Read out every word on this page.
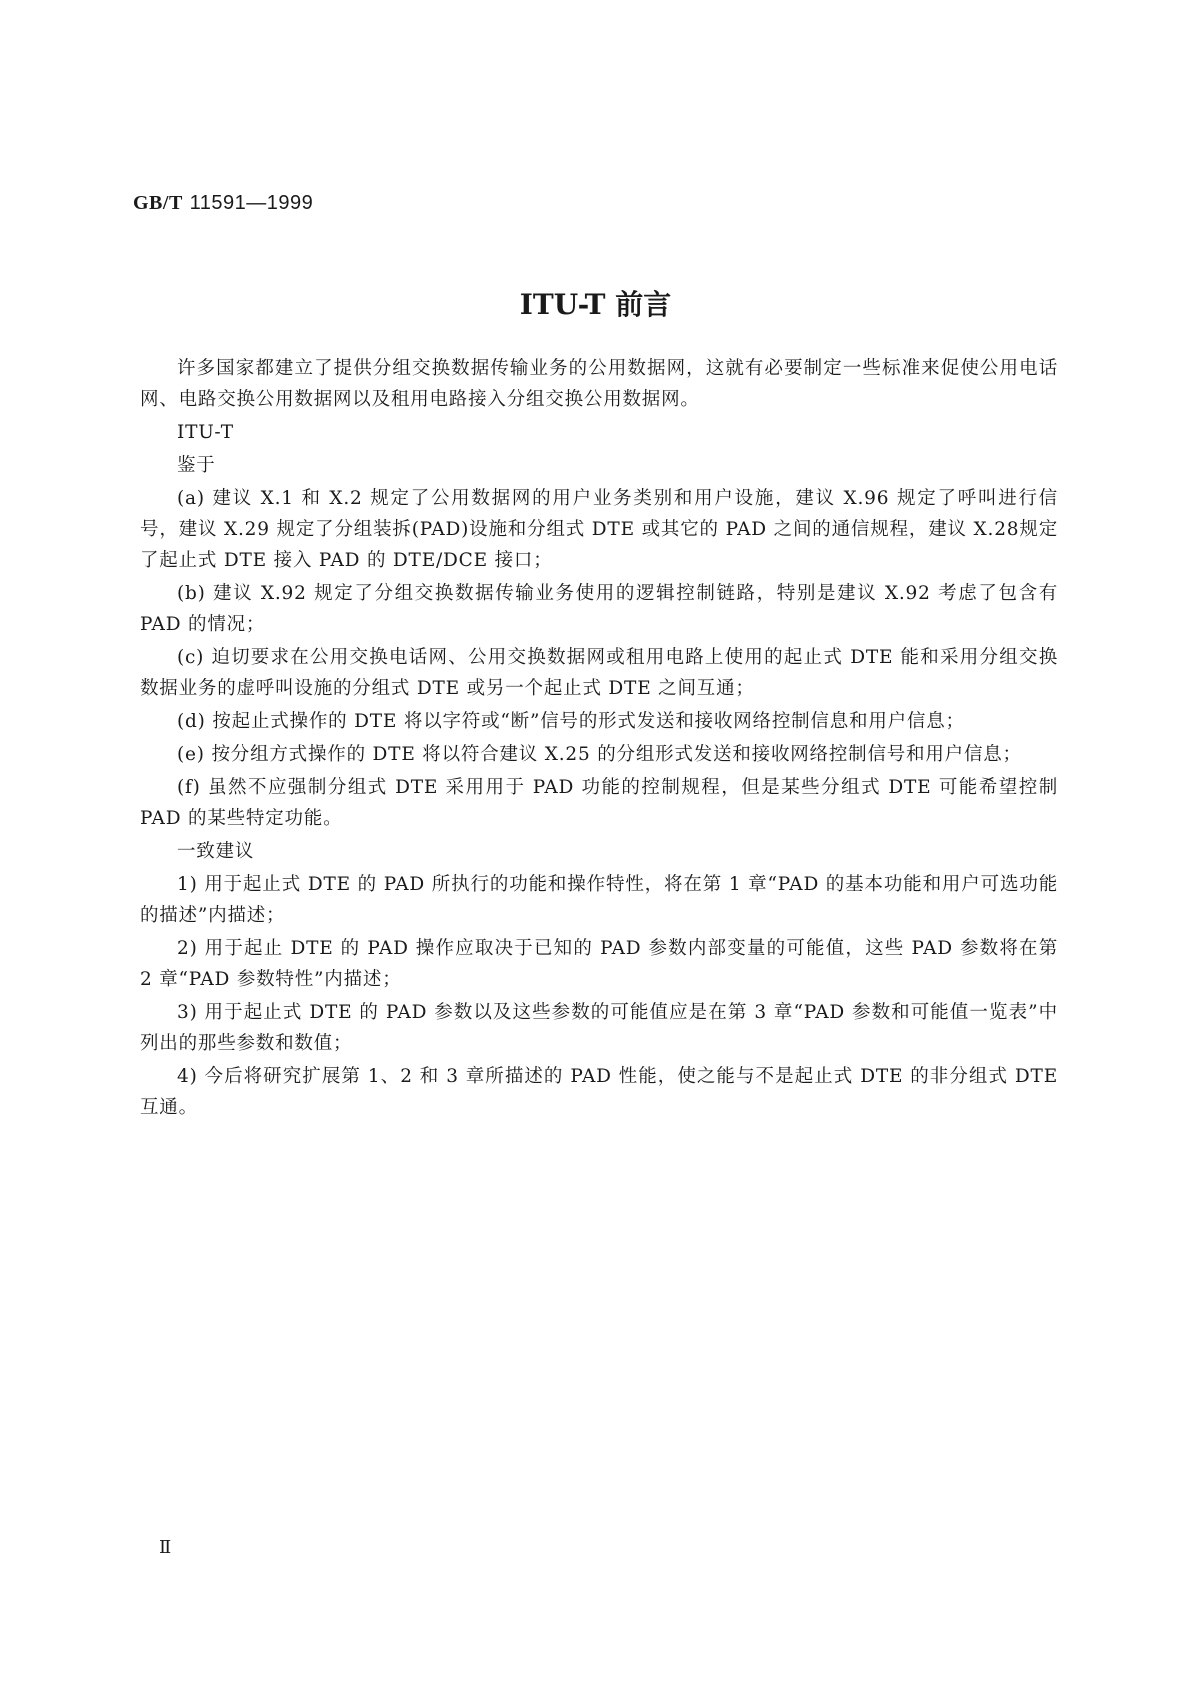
GB/T 11591—1999
ITU-T 前言

许多国家都建立了提供分组交换数据传输业务的公用数据网，这就有必要制定一些标准来促使公用电话网、电路交换公用数据网以及租用电路接入分组交换公用数据网。

ITU-T

鉴于

(a) 建议 X.1 和 X.2 规定了公用数据网的用户业务类别和用户设施，建议 X.96 规定了呼叫进行信号，建议 X.29 规定了分组装拆(PAD)设施和分组式 DTE 或其它的 PAD 之间的通信规程，建议 X.28规定了起止式 DTE 接入 PAD 的 DTE/DCE 接口；

(b) 建议 X.92 规定了分组交换数据传输业务使用的逻辑控制链路，特别是建议 X.92 考虑了包含有 PAD 的情况；

(c) 迫切要求在公用交换电话网、公用交换数据网或租用电路上使用的起止式 DTE 能和采用分组交换数据业务的虚呼叫设施的分组式 DTE 或另一个起止式 DTE 之间互通；

(d) 按起止式操作的 DTE 将以字符或“断”信号的形式发送和接收网络控制信息和用户信息；

(e) 按分组方式操作的 DTE 将以符合建议 X.25 的分组形式发送和接收网络控制信号和用户信息；

(f) 虽然不应强制分组式 DTE 采用用于 PAD 功能的控制规程，但是某些分组式 DTE 可能希望控制 PAD 的某些特定功能。

一致建议

1) 用于起止式 DTE 的 PAD 所执行的功能和操作特性，将在第 1 章“PAD 的基本功能和用户可选功能的描述”内描述；

2) 用于起止 DTE 的 PAD 操作应取决于已知的 PAD 参数内部变量的可能值，这些 PAD 参数将在第 2 章“PAD 参数特性”内描述；

3) 用于起止式 DTE 的 PAD 参数以及这些参数的可能值应是在第 3 章“PAD 参数和可能值一览表”中列出的那些参数和数值；

4) 今后将研究扩展第 1、2 和 3 章所描述的 PAD 性能，使之能与不是起止式 DTE 的非分组式 DTE 互通。

Ⅱ
